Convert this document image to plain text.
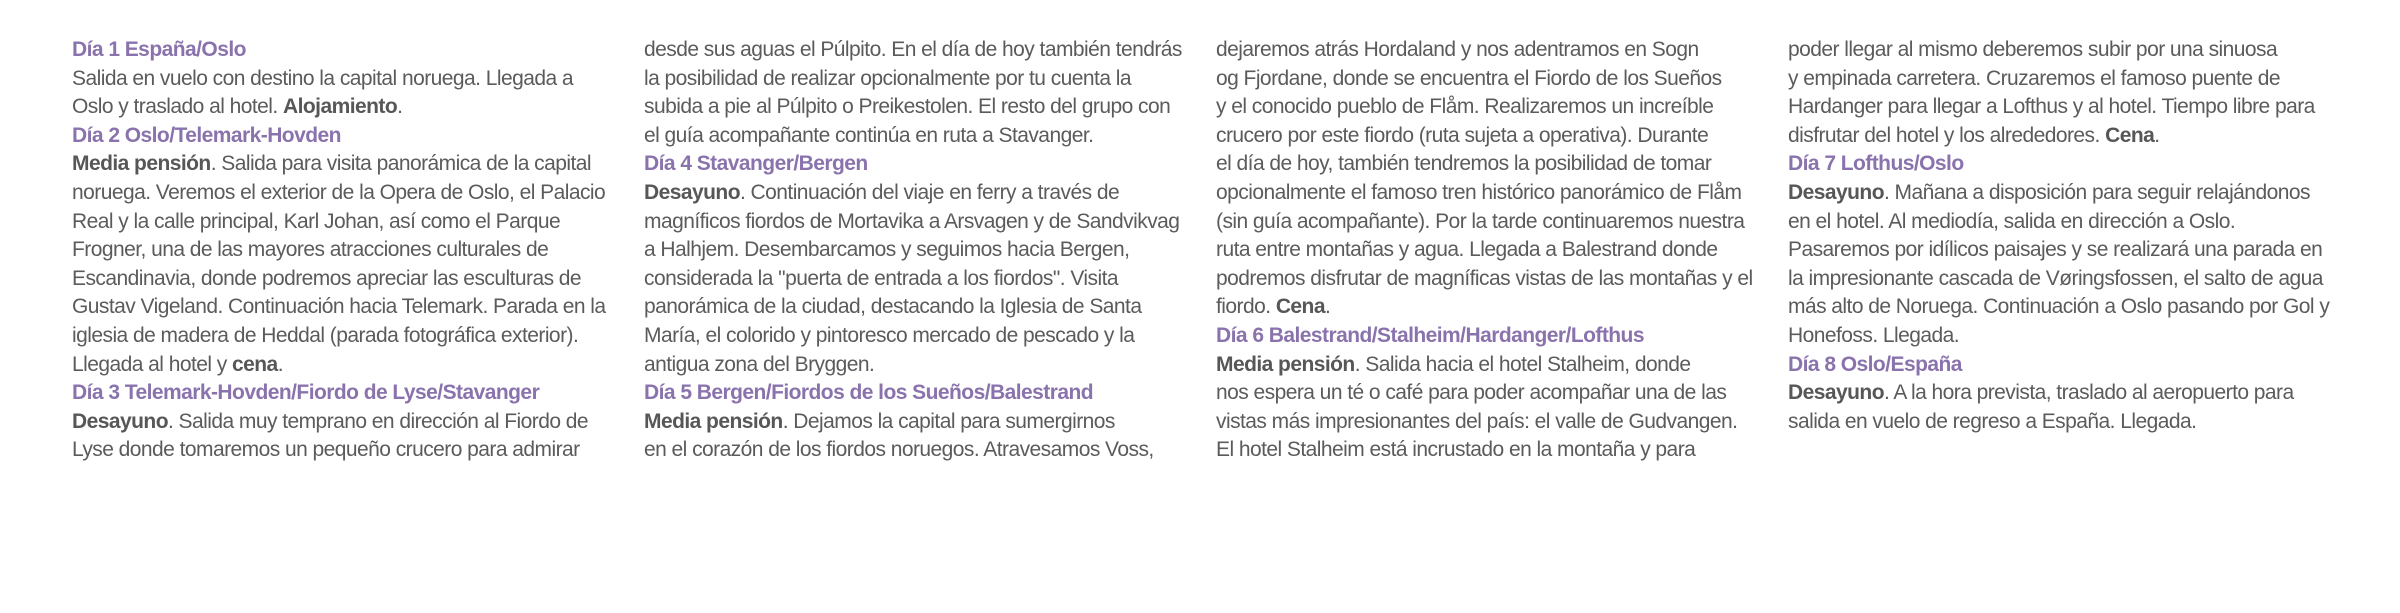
Día 1 España/Oslo

Salida en vuelo con destino la capital noruega. Llegada a

Oslo y traslado al hotel. Alojamiento.

Día 2 Oslo/Telemark-Hovden

Media pensión. Salida para visita panorámica de la capital

noruega. Veremos el exterior de la Opera de Oslo, el Palacio

Real y la calle principal, Karl Johan, así como el Parque

Frogner, una de las mayores atracciones culturales de

Escandinavia, donde podremos apreciar las esculturas de

Gustav Vigeland. Continuación hacia Telemark. Parada en la

iglesia de madera de Heddal (parada fotográfica exterior).

Llegada al hotel y cena.

Día 3 Telemark-Hovden/Fiordo de Lyse/Stavanger

Desayuno. Salida muy temprano en dirección al Fiordo de

Lyse donde tomaremos un pequeño crucero para admirar

desde sus aguas el Púlpito. En el día de hoy también tendrás

la posibilidad de realizar opcionalmente por tu cuenta la

subida a pie al Púlpito o Preikestolen. El resto del grupo con

el guía acompañante continúa en ruta a Stavanger.

Día 4 Stavanger/Bergen

Desayuno. Continuación del viaje en ferry a través de

magníficos fiordos de Mortavika a Arsvagen y de Sandvikvag

a Halhjem. Desembarcamos y seguimos hacia Bergen,

considerada la "puerta de entrada a los fiordos". Visita

panorámica de la ciudad, destacando la Iglesia de Santa

María, el colorido y pintoresco mercado de pescado y la

antigua zona del Bryggen.

Día 5 Bergen/Fiordos de los Sueños/Balestrand

Media pensión. Dejamos la capital para sumergirnos

en el corazón de los fiordos noruegos. Atravesamos Voss,

dejaremos atrás Hordaland y nos adentramos en Sogn

og Fjordane, donde se encuentra el Fiordo de los Sueños

y el conocido pueblo de Flåm. Realizaremos un increíble

crucero por este fiordo (ruta sujeta a operativa). Durante

el día de hoy, también tendremos la posibilidad de tomar

opcionalmente el famoso tren histórico panorámico de Flåm

(sin guía acompañante). Por la tarde continuaremos nuestra

ruta entre montañas y agua. Llegada a Balestrand donde

podremos disfrutar de magníficas vistas de las montañas y el

fiordo. Cena.

Día 6 Balestrand/Stalheim/Hardanger/Lofthus

Media pensión. Salida hacia el hotel Stalheim, donde

nos espera un té o café para poder acompañar una de las

vistas más impresionantes del país: el valle de Gudvangen.

El hotel Stalheim está incrustado en la montaña y para

poder llegar al mismo deberemos subir por una sinuosa

y empinada carretera. Cruzaremos el famoso puente de

Hardanger para llegar a Lofthus y al hotel. Tiempo libre para

disfrutar del hotel y los alrededores. Cena.

Día 7 Lofthus/Oslo

Desayuno. Mañana a disposición para seguir relajándonos

en el hotel. Al mediodía, salida en dirección a Oslo.

Pasaremos por idílicos paisajes y se realizará una parada en

la impresionante cascada de Vøringsfossen, el salto de agua

más alto de Noruega. Continuación a Oslo pasando por Gol y

Honefoss. Llegada.

Día 8 Oslo/España

Desayuno. A la hora prevista, traslado al aeropuerto para

salida en vuelo de regreso a España. Llegada.
